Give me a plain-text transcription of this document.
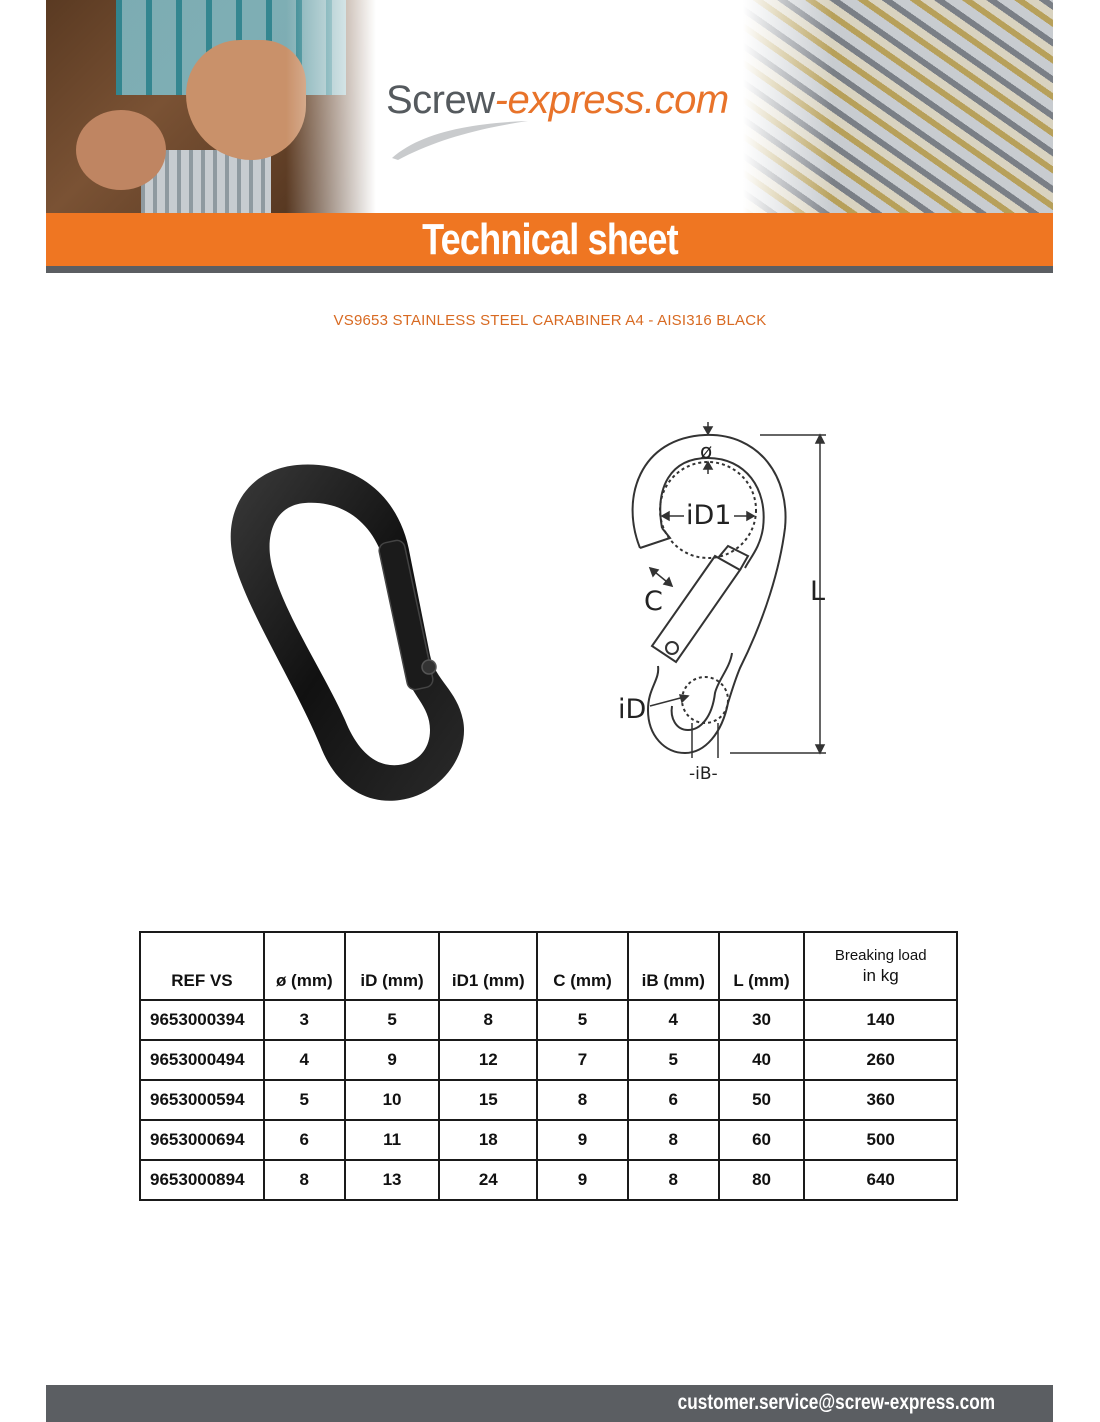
Screw-express.com
Technical sheet
VS9653 STAINLESS STEEL CARABINER A4 - AISI316 BLACK
ø
iD1
C	L
iD
-iB-
REF VS	ø (mm)	iD (mm)	iD1 (mm)	C (mm)	iB (mm)	L (mm)	Breaking load
in kg

9653000394	3	5	8	5	4	30	140
9653000494	4	9	12	7	5	40	260
9653000594	5	10	15	8	6	50	360
9653000694	6	11	18	9	8	60	500
9653000894	8	13	24	9	8	80	640
customer.service@screw-express.com
